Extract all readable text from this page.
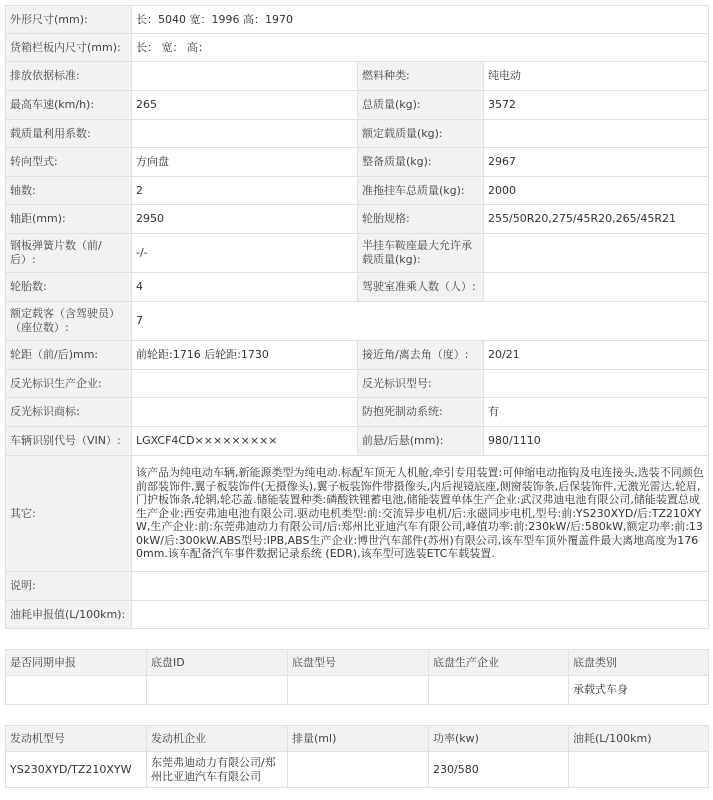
外形尺寸(mm):	长：5040 宽：1996 高：1970		
货箱栏板内尺寸(mm):	长： 宽： 高：		
排放依据标准:		燃料种类:	纯电动
最高车速(km/h):	265	总质量(kg):	3572
载质量利用系数:		额定载质量(kg):	
转向型式:	方向盘	整备质量(kg):	2967
轴数:	2	准拖挂车总质量(kg):	2000
轴距(mm):	2950	轮胎规格:	255/50R20,275/45R20,265/45R21
钢板弹簧片数（前/后）:	-/-	半挂车鞍座最大允许承载质量(kg):	
轮胎数:	4	驾驶室准乘人数（人）:	
额定载客（含驾驶员）（座位数）:	7		
轮距（前/后)mm:	前轮距:1716 后轮距:1730	接近角/离去角（度）:	20/21
反光标识生产企业:		反光标识型号:	
反光标识商标:		防抱死制动系统:	有
车辆识别代号（VIN）:	LGXCF4CD×××××××××	前悬/后悬(mm):	980/1110
其它:	该产品为纯电动车辆,新能源类型为纯电动.标配车顶无人机舱,牵引专用装置:可伸缩电动拖钩及电连接头,选装不同颜色前部装饰件,翼子板装饰件(无摄像头),翼子板装饰件带摄像头,内后视镜底座,侧窗装饰条,后保装饰件,无激光雷达,轮眉,门护板饰条,轮辋,轮芯盖.储能装置种类:磷酸铁锂蓄电池,储能装置单体生产企业:武汉弗迪电池有限公司,储能装置总成生产企业:西安弗迪电池有限公司.驱动电机类型:前:交流异步电机/后:永磁同步电机,型号:前:YS230XYD/后:TZ210XYW,生产企业:前:东莞弗迪动力有限公司/后:郑州比亚迪汽车有限公司,峰值功率:前:230kW/后:580kW,额定功率:前:130kW/后:300kW.ABS型号:IPB,ABS生产企业:博世汽车部件(苏州)有限公司,该车型车顶外覆盖件最大离地高度为1760mm.该车配备汽车事件数据记录系统 (EDR),该车型可选装ETC车载装置.		
说明:			
油耗申报值(L/100km):			
是否同期申报	底盘ID	底盘型号	底盘生产企业	底盘类别
				承载式车身
发动机型号	发动机企业	排量(ml)	功率(kw)	油耗(L/100km)
YS230XYD/TZ210XYW	东莞弗迪动力有限公司/郑州比亚迪汽车有限公司		230/580	
